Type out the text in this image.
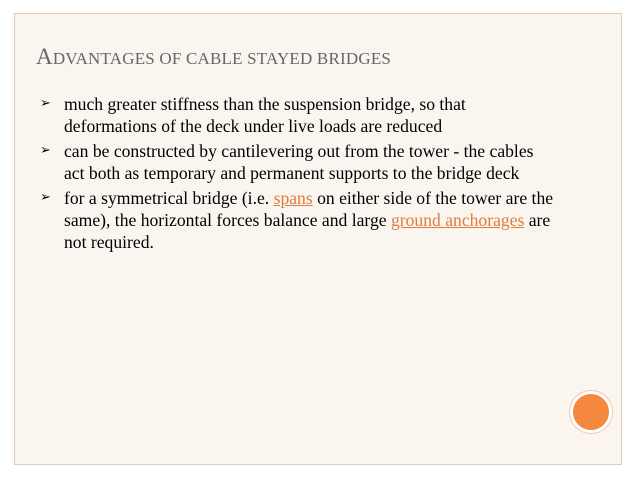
ADVANTAGES OF CABLE STAYED BRIDGES
➢ much greater stiffness than the suspension bridge, so that deformations of the deck under live loads are reduced
➢ can be constructed by cantilevering out from the tower - the cables act both as temporary and permanent supports to the bridge deck
➢ for a symmetrical bridge (i.e. spans on either side of the tower are the same), the horizontal forces balance and large ground anchorages are not required.
